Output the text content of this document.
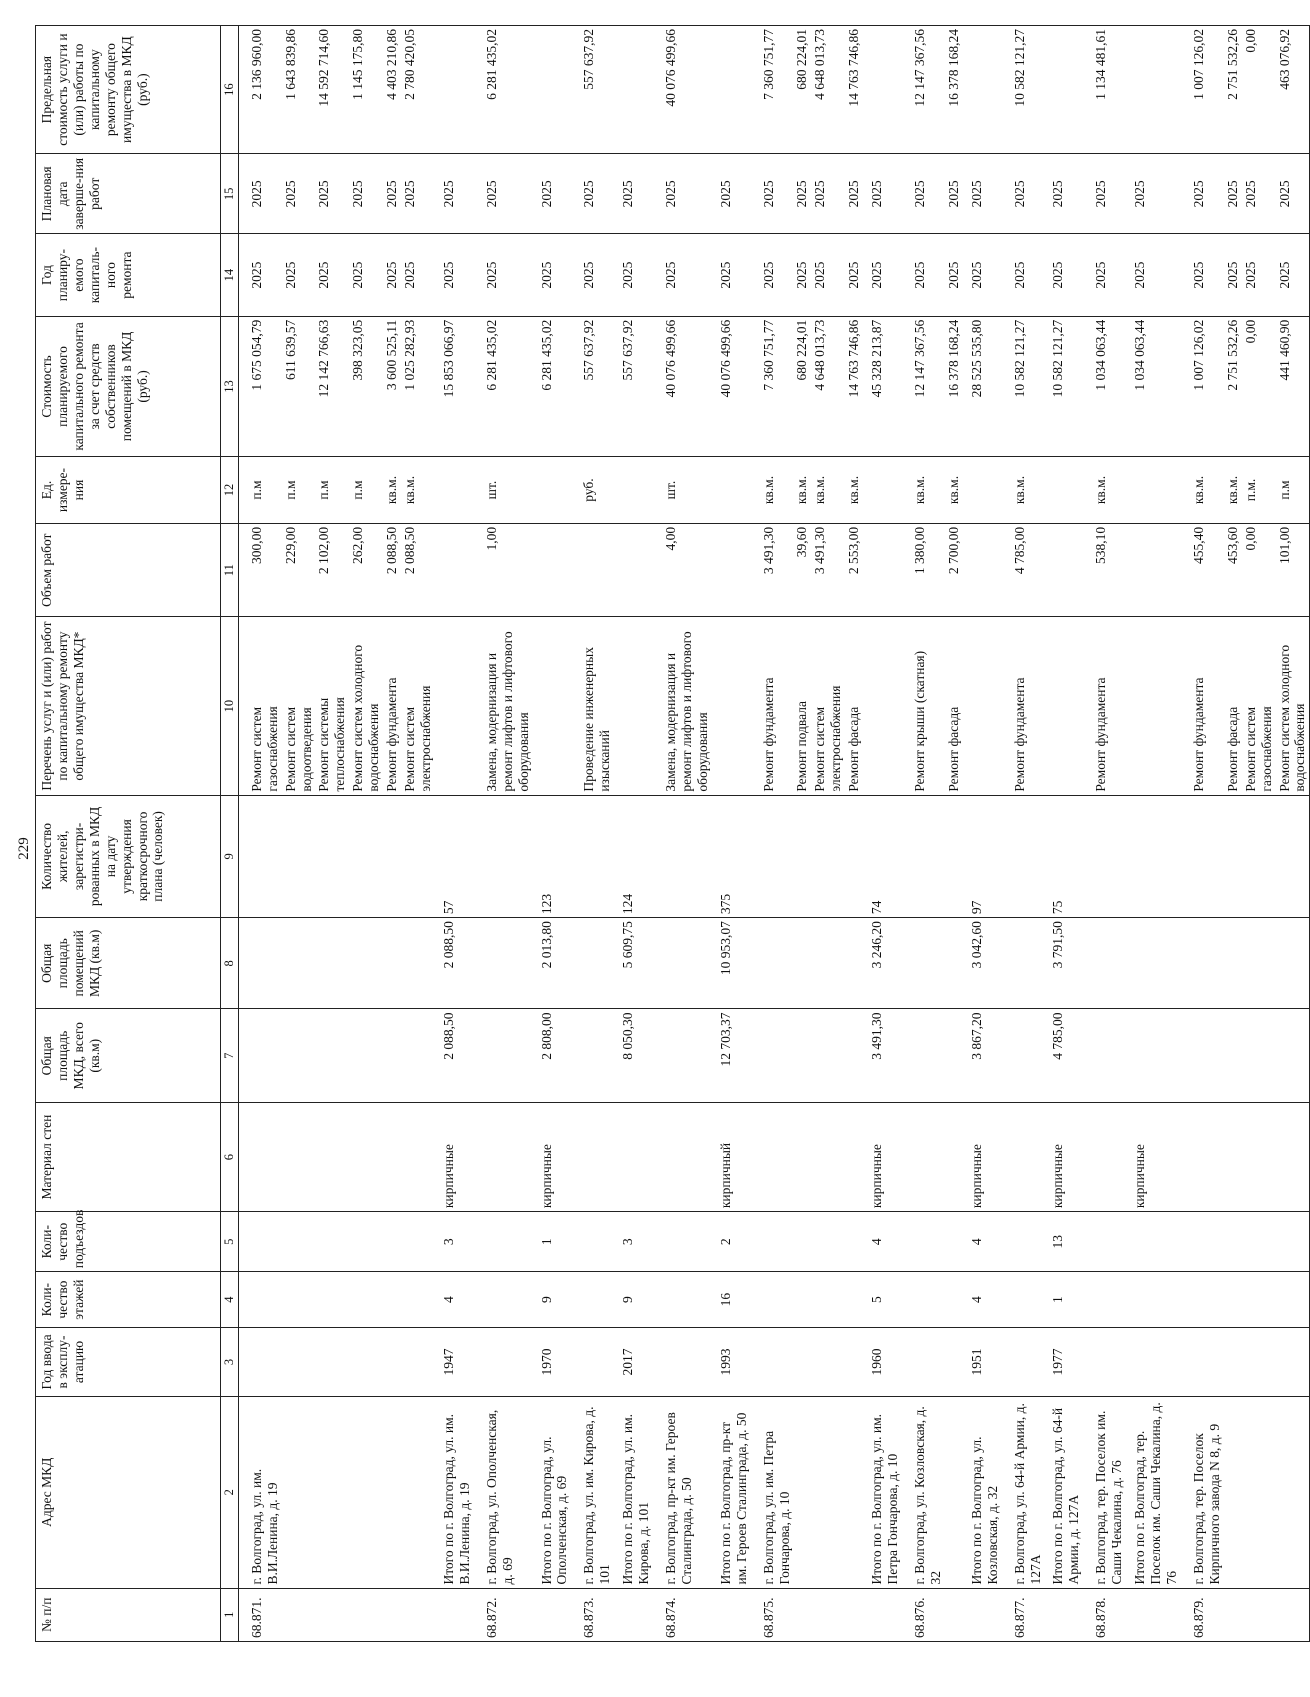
229
№ п/п	Адрес МКД	Год ввода в эксплу-атацию	Коли-чество этажей	Коли-чество подъездов	Материал стен	Общая площадь МКД, всего (кв.м)	Общая площадь помещений МКД (кв.м)	Количество жителей, зарегистри-рованных в МКД на дату утверждения краткосрочного плана (человек)	Перечень услуг и (или) работ по капитальному ремонту общего имущества МКД*	Объем работ	Ед. измере-ния	Стоимость планируемого капитального ремонта за счет средств собственников помещений в МКД (руб.)	Год планиру-емого капиталь-ного ремонта	Плановая дата заверше-ния работ	Предельная стоимость услуги и (или) работы по капитальному ремонту общего имущества в МКД (руб.)
1	2	3	4	5	6	7	8	9	10	11	12	13	14	15	16
68.871.	г. Волгоград, ул. им. В.И.Ленина, д. 19								Ремонт систем газоснабжения	300,00	п.м	1 675 054,79	2025	2025	2 136 960,00
									Ремонт систем водоотведения	229,00	п.м	611 639,57	2025	2025	1 643 839,86
									Ремонт системы теплоснабжения	2 102,00	п.м	12 142 766,63	2025	2025	14 592 714,60
									Ремонт систем холодного водоснабжения	262,00	п.м	398 323,05	2025	2025	1 145 175,80
									Ремонт фундамента	2 088,50	кв.м.	3 600 525,11	2025	2025	4 403 210,86
									Ремонт систем электроснабжения	2 088,50	кв.м.	1 025 282,93	2025	2025	2 780 420,05
	Итого по г. Волгоград, ул. им. В.И.Ленина, д. 19	1947	4	3	кирпичные	2 088,50	2 088,50	57				15 853 066,97	2025	2025	
68.872.	г. Волгоград, ул. Ополченская, д. 69								Замена, модернизация и ремонт лифтов и лифтового оборудования	1,00	шт.	6 281 435,02	2025	2025	6 281 435,02
	Итого по г. Волгоград, ул. Ополченская, д. 69	1970	9	1	кирпичные	2 808,00	2 013,80	123				6 281 435,02	2025	2025	
68.873.	г. Волгоград, ул. им. Кирова, д. 101								Проведение инженерных изысканий		руб.	557 637,92	2025	2025	557 637,92
	Итого по г. Волгоград, ул. им. Кирова, д. 101	2017	9	3		8 050,30	5 609,75	124				557 637,92	2025	2025	
68.874.	г. Волгоград, пр-кт им. Героев Сталинграда, д. 50								Замена, модернизация и ремонт лифтов и лифтового оборудования	4,00	шт.	40 076 499,66	2025	2025	40 076 499,66
	Итого по г. Волгоград, пр-кт им. Героев Сталинграда, д. 50	1993	16	2	кирпичный	12 703,37	10 953,07	375				40 076 499,66	2025	2025	
68.875.	г. Волгоград, ул. им. Петра Гончарова, д. 10								Ремонт фундамента	3 491,30	кв.м.	7 360 751,77	2025	2025	7 360 751,77
									Ремонт подвала	39,60	кв.м.	680 224,01	2025	2025	680 224,01
									Ремонт систем электроснабжения	3 491,30	кв.м.	4 648 013,73	2025	2025	4 648 013,73
									Ремонт фасада	2 553,00	кв.м.	14 763 746,86	2025	2025	14 763 746,86
	Итого по г. Волгоград, ул. им. Петра Гончарова, д. 10	1960	5	4	кирпичные	3 491,30	3 246,20	74				45 328 213,87	2025	2025	
68.876.	г. Волгоград, ул. Козловская, д. 32								Ремонт крыши (скатная)	1 380,00	кв.м.	12 147 367,56	2025	2025	12 147 367,56
									Ремонт фасада	2 700,00	кв.м.	16 378 168,24	2025	2025	16 378 168,24
	Итого по г. Волгоград, ул. Козловская, д. 32	1951	4	4	кирпичные	3 867,20	3 042,60	97				28 525 535,80	2025	2025	
68.877.	г. Волгоград, ул. 64-й Армии, д. 127А								Ремонт фундамента	4 785,00	кв.м.	10 582 121,27	2025	2025	10 582 121,27
	Итого по г. Волгоград, ул. 64-й Армии, д. 127А	1977	1	13	кирпичные	4 785,00	3 791,50	75				10 582 121,27	2025	2025	
68.878.	г. Волгоград, тер. Поселок им. Саши Чекалина, д. 76								Ремонт фундамента	538,10	кв.м.	1 034 063,44	2025	2025	1 134 481,61
	Итого по г. Волгоград, тер. Поселок им. Саши Чекалина, д. 76				кирпичные							1 034 063,44	2025	2025	
68.879.	г. Волгоград, тер. Поселок Кирпичного завода N 8, д. 9								Ремонт фундамента	455,40	кв.м.	1 007 126,02	2025	2025	1 007 126,02
									Ремонт фасада	453,60	кв.м.	2 751 532,26	2025	2025	2 751 532,26
									Ремонт систем газоснабжения	0,00	п.м.	0,00	2025	2025	0,00
									Ремонт систем холодного водоснабжения	101,00	п.м	441 460,90	2025	2025	463 076,92
